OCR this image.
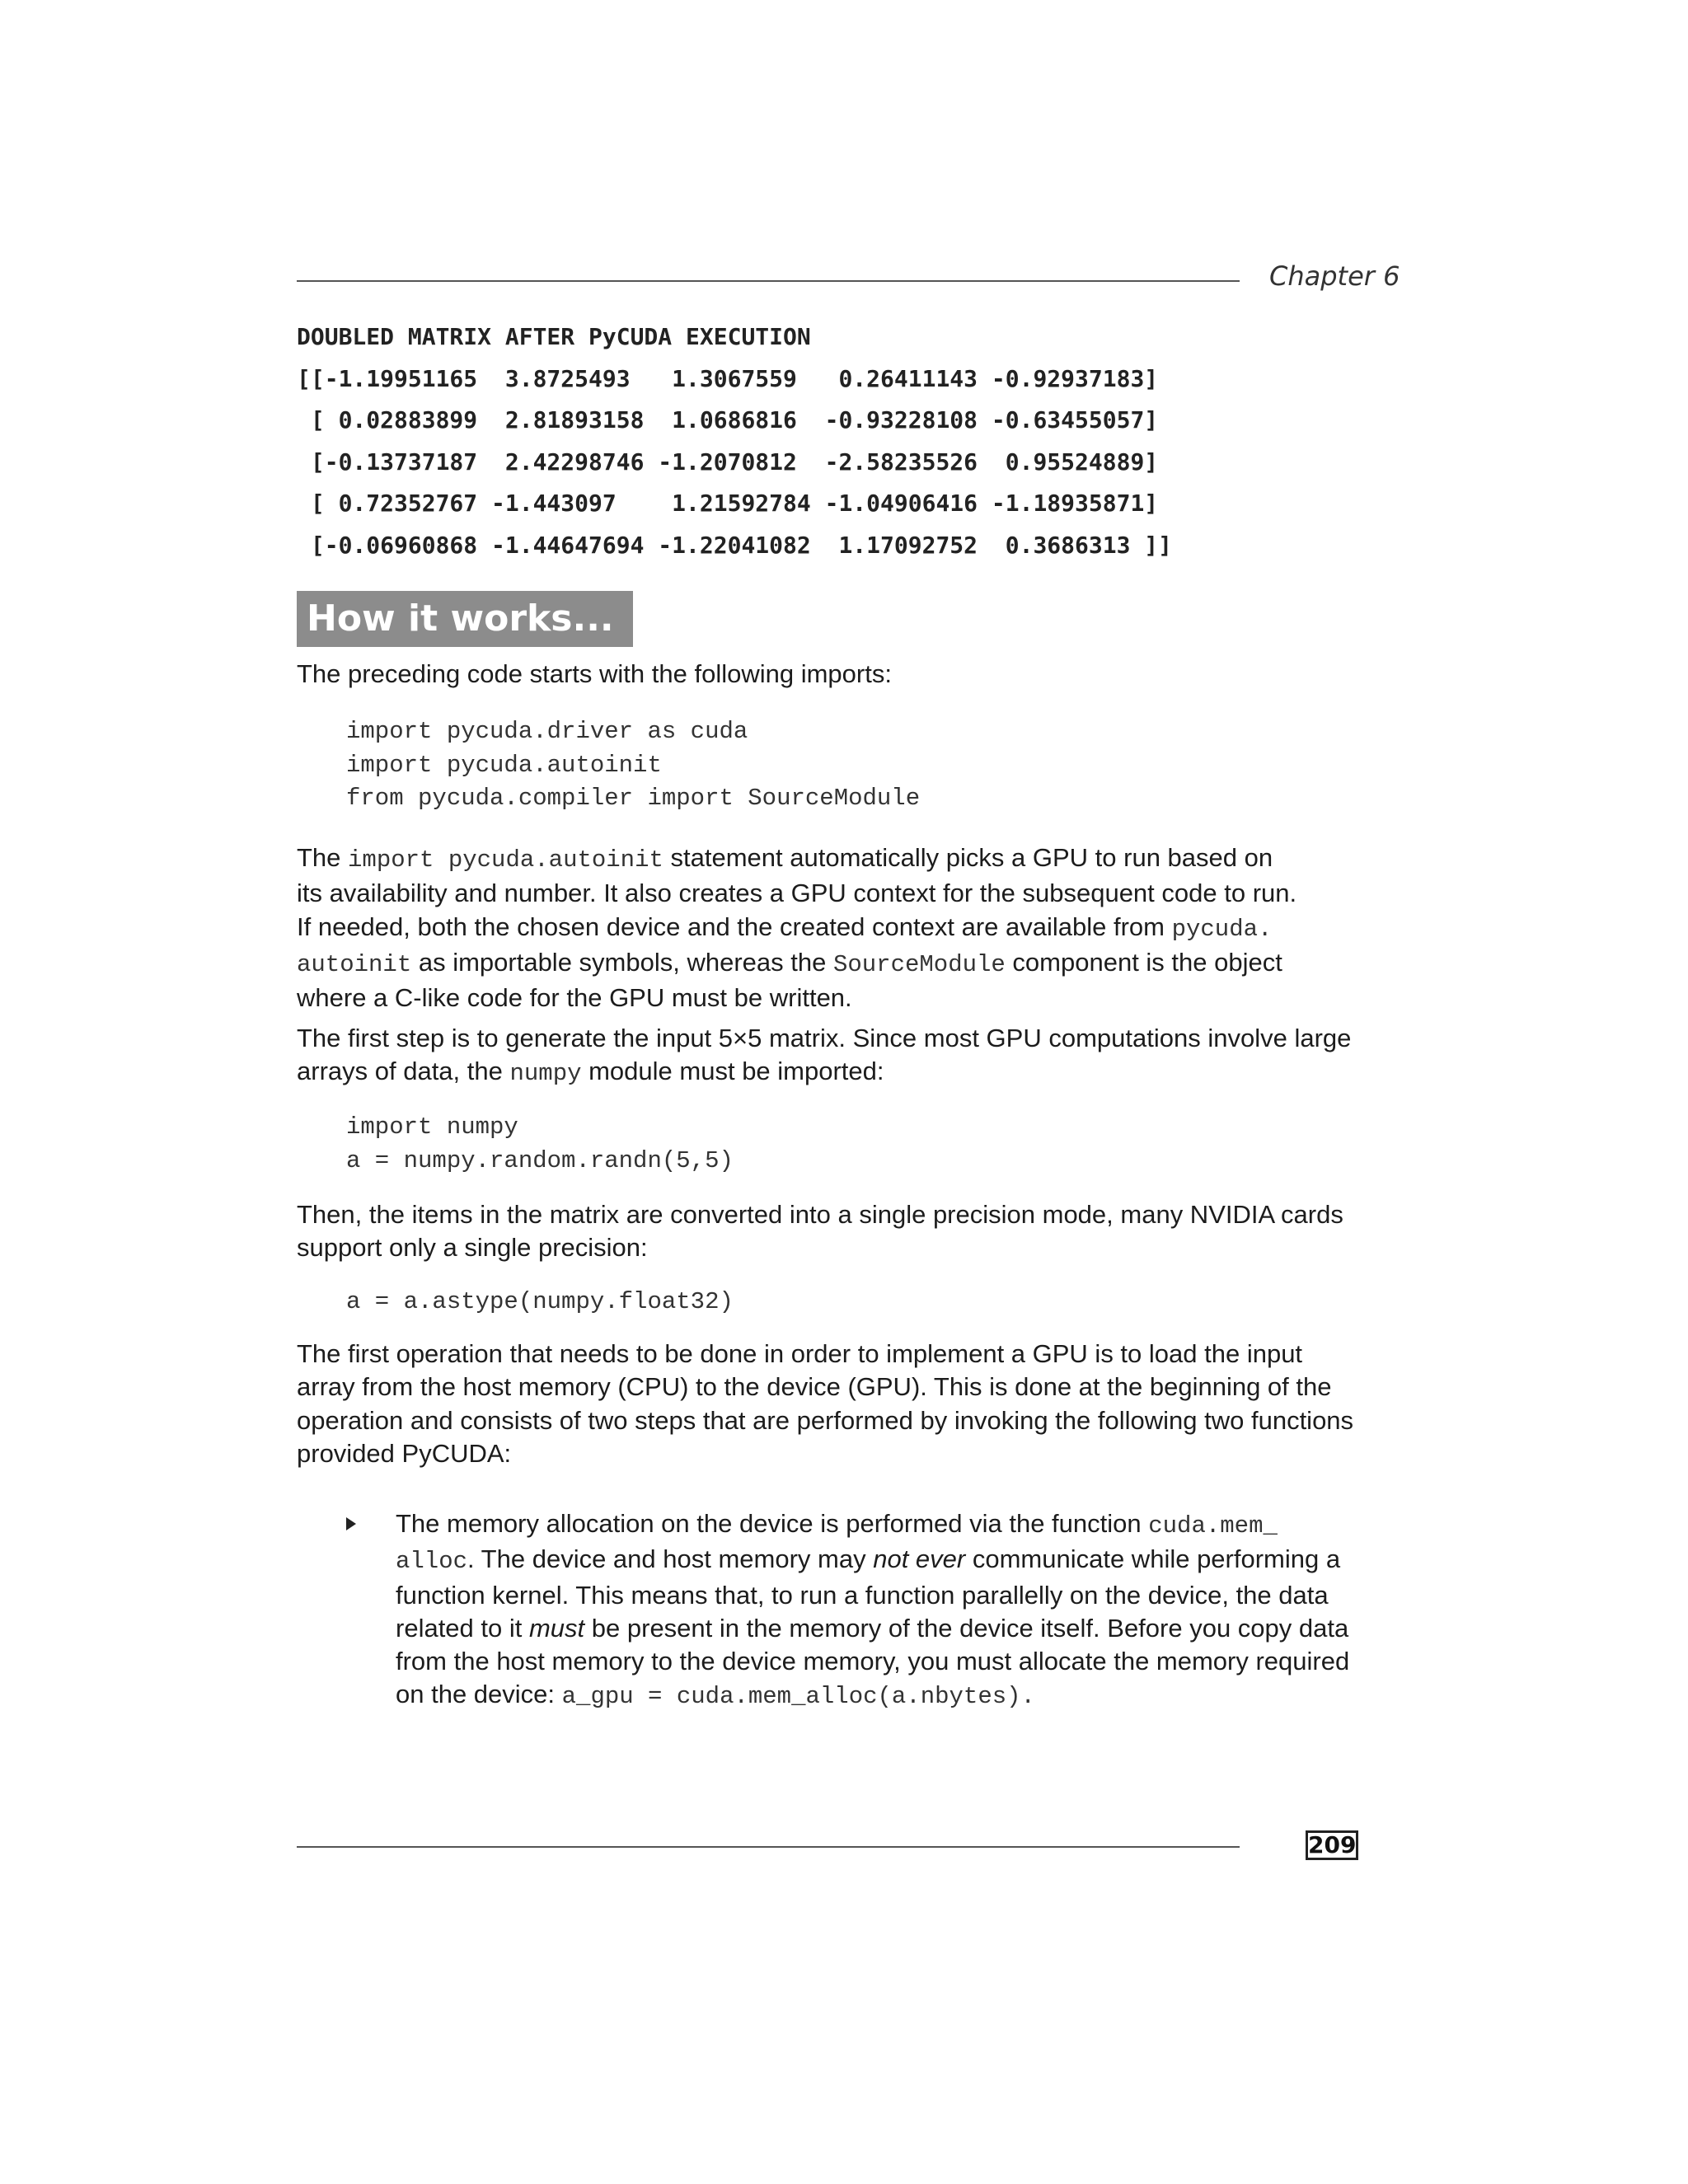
Chapter 6
DOUBLED MATRIX AFTER PyCUDA EXECUTION
[[-1.19951165  3.8725493   1.3067559   0.26411143 -0.92937183]
[ 0.02883899  2.81893158  1.0686816  -0.93228108 -0.63455057]
[-0.13737187  2.42298746 -1.2070812  -2.58235526  0.95524889]
[ 0.72352767 -1.443097    1.21592784 -1.04906416 -1.18935871]
[-0.06960868 -1.44647694 -1.22041082  1.17092752  0.3686313 ]]
How it works...
The preceding code starts with the following imports:
import pycuda.driver as cuda
import pycuda.autoinit
from pycuda.compiler import SourceModule
The import pycuda.autoinit statement automatically picks a GPU to run based on
its availability and number. It also creates a GPU context for the subsequent code to run.
If needed, both the chosen device and the created context are available from pycuda.
autoinit as importable symbols, whereas the SourceModule component is the object
where a C-like code for the GPU must be written.
The first step is to generate the input 5×5 matrix. Since most GPU computations involve large
arrays of data, the numpy module must be imported:
import numpy
a = numpy.random.randn(5,5)
Then, the items in the matrix are converted into a single precision mode, many NVIDIA cards
support only a single precision:
a = a.astype(numpy.float32)
The first operation that needs to be done in order to implement a GPU is to load the input
array from the host memory (CPU) to the device (GPU). This is done at the beginning of the
operation and consists of two steps that are performed by invoking the following two functions
provided PyCUDA:
The memory allocation on the device is performed via the function cuda.mem_
alloc. The device and host memory may not ever communicate while performing a
function kernel. This means that, to run a function parallelly on the device, the data
related to it must be present in the memory of the device itself. Before you copy data
from the host memory to the device memory, you must allocate the memory required
on the device: a_gpu = cuda.mem_alloc(a.nbytes).
209
